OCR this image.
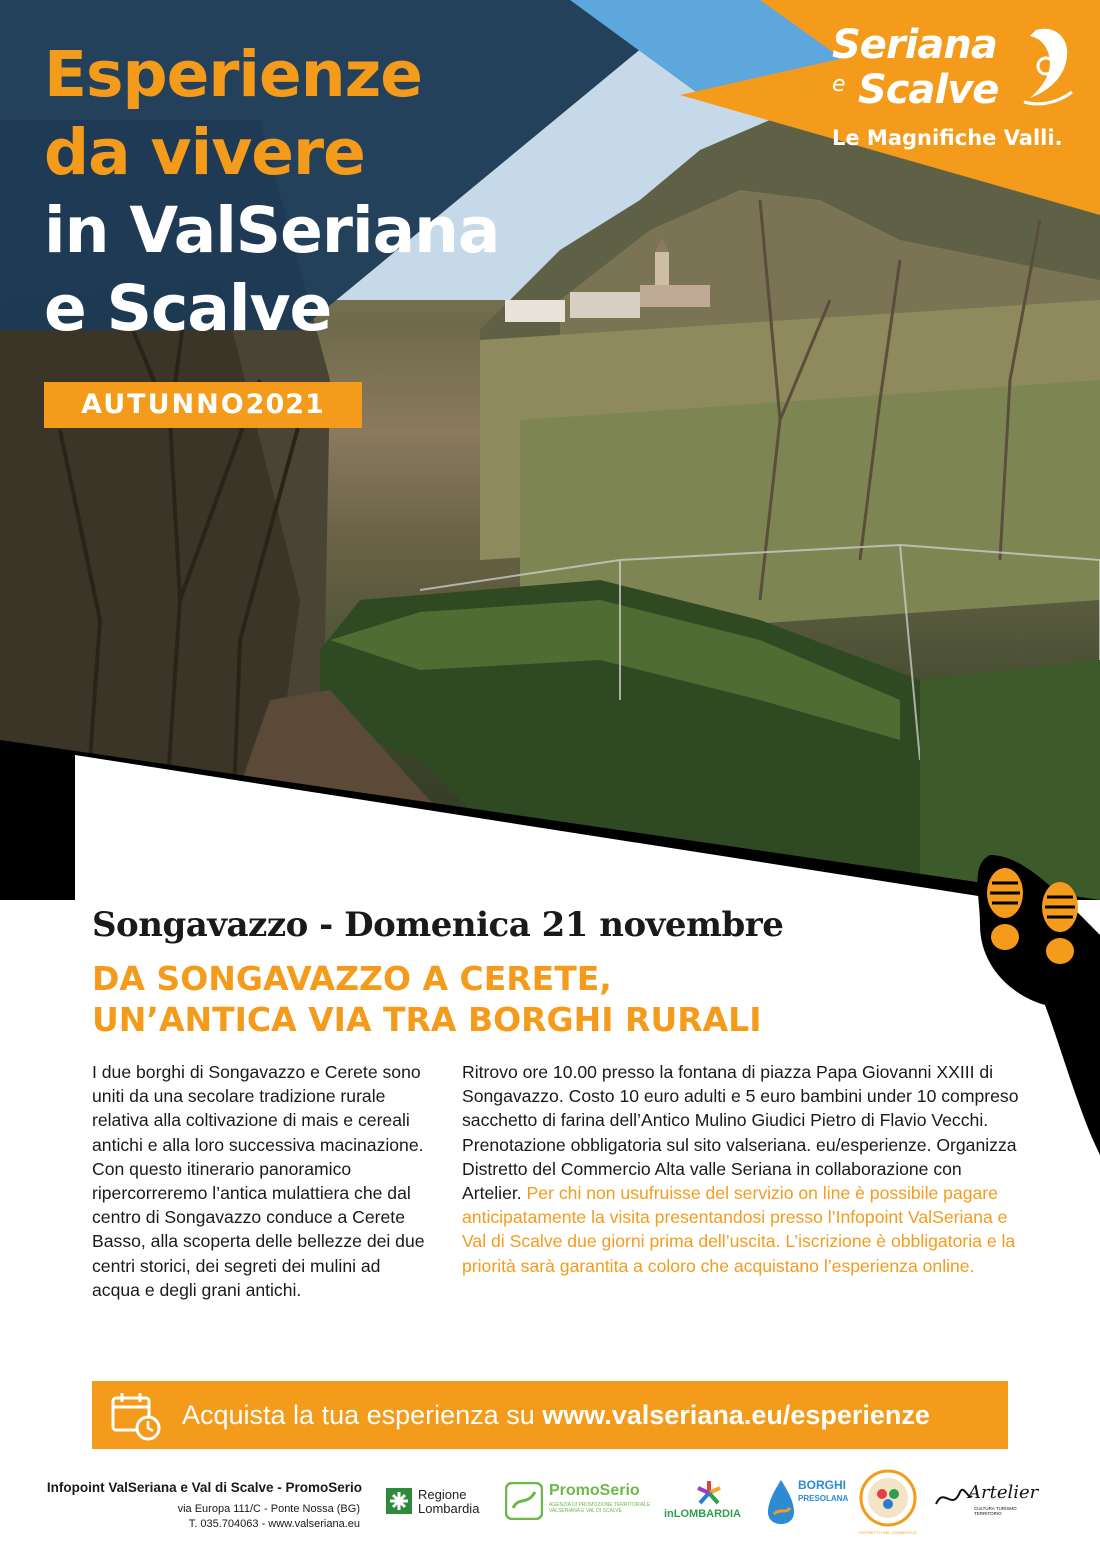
Esperienze
da vivere
in ValSeriana
e Scalve
AUTUNNO2021
Seriana
e Scalve
Le Magnifiche Valli.
Songavazzo - Domenica 21 novembre
DA SONGAVAZZO A CERETE,
UN’ANTICA VIA TRA BORGHI RURALI

I due borghi di Songavazzo e Cerete sono uniti da una secolare tradizione rurale relativa alla coltivazione di mais e cereali antichi e alla loro successiva macinazione. Con questo itinerario panoramico ripercorreremo l’antica mulattiera che dal centro di Songavazzo conduce a Cerete Basso, alla scoperta delle bellezze dei due centri storici, dei segreti dei mulini ad acqua e degli grani antichi.

Ritrovo ore 10.00 presso la fontana di piazza Papa Giovanni XXIII di Songavazzo. Costo 10 euro adulti e 5 euro bambini under 10 compreso sacchetto di farina dell’Antico Mulino Giudici Pietro di Flavio Vecchi. Prenotazione obbligatoria sul sito valseriana. eu/esperienze. Organizza Distretto del Commercio Alta valle Seriana in collaborazione con Artelier. Per chi non usufruisse del servizio on line è possibile pagare anticipatamente la visita presentandosi presso l’Infopoint ValSeriana e Val di Scalve due giorni prima dell’uscita. L’iscrizione è obbligatoria e la priorità sarà garantita a coloro che acquistano l’esperienza online.

Acquista la tua esperienza su www.valseriana.eu/esperienze
Infopoint ValSeriana e Val di Scalve - PromoSerio
via Europa 111/C - Ponte Nossa (BG)
T. 035.704063 - www.valseriana.eu
Regione
Lombardia
PromoSerio
AGENZIA DI PROMOZIONE TERRITORIALE VALSERIANA E VAL DI SCALVE	inLOMBARDIA
BORGHI
PRESOLANA
DISTRETTO DEL COMMERCIO
Artelier
CULTURA TURISMO TERRITORIO
